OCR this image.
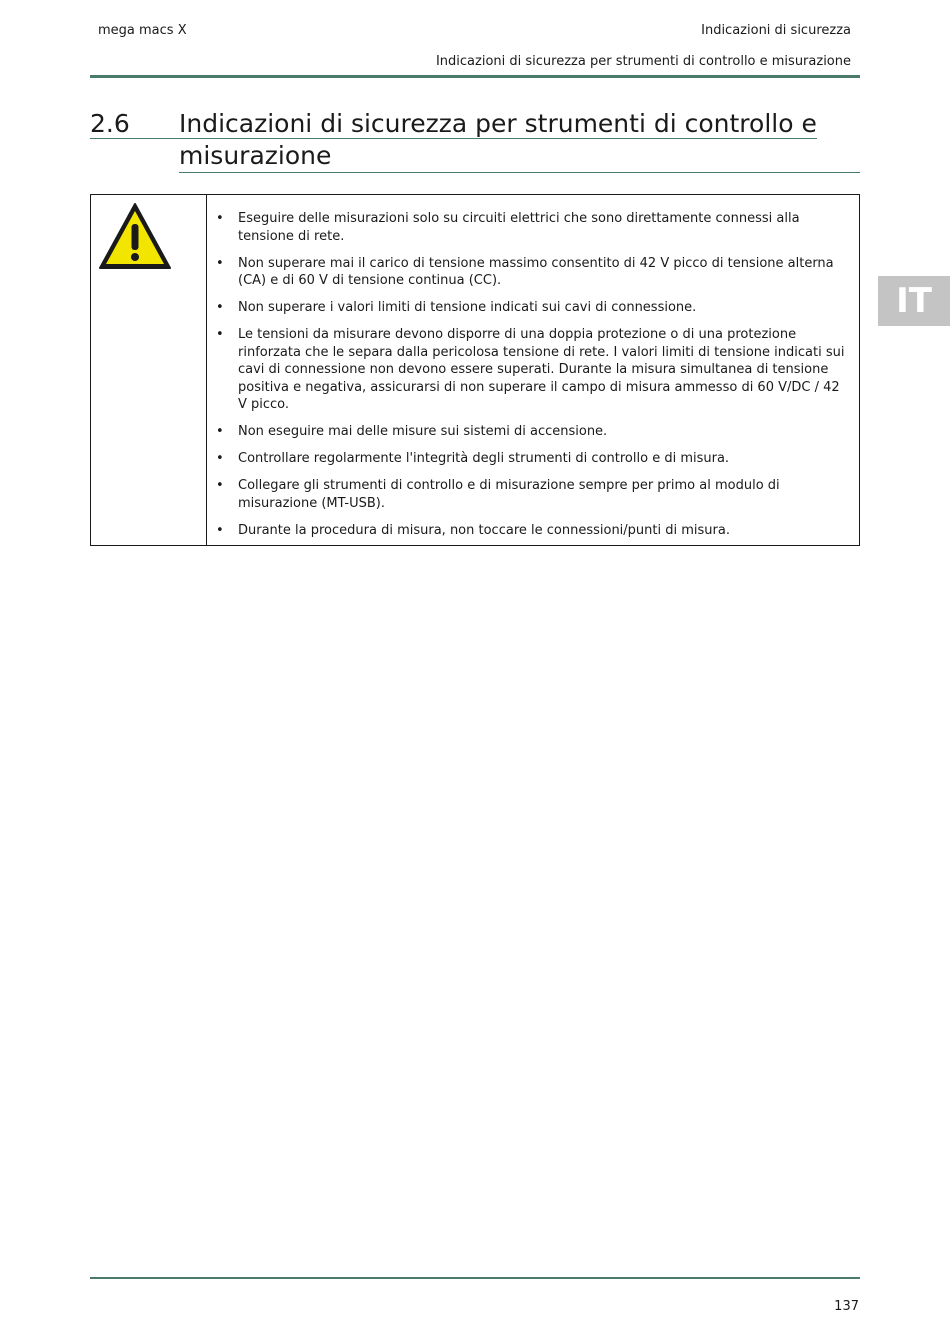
mega macs X	Indicazioni di sicurezza
Indicazioni di sicurezza per strumenti di controllo e misurazione
2.6 Indicazioni di sicurezza per strumenti di controllo e
misurazione
IT
• Eseguire delle misurazioni solo su circuiti elettrici che sono direttamente connessi alla tensione di rete.
• Non superare mai il carico di tensione massimo consentito di 42 V picco di tensione alterna (CA) e di 60 V di tensione continua (CC).
• Non superare i valori limiti di tensione indicati sui cavi di connessione.
• Le tensioni da misurare devono disporre di una doppia protezione o di una protezione rinforzata che le separa dalla pericolosa tensione di rete. I valori limiti di tensione indicati sui cavi di connessione non devono essere superati. Durante la misura simultanea di tensione positiva e negativa, assicurarsi di non superare il campo di misura ammesso di 60 V/DC / 42 V picco.
• Non eseguire mai delle misure sui sistemi di accensione.
• Controllare regolarmente l'integrità degli strumenti di controllo e di misura.
• Collegare gli strumenti di controllo e di misurazione sempre per primo al modulo di misurazione (MT-USB).
• Durante la procedura di misura, non toccare le connessioni/punti di misura.
137
